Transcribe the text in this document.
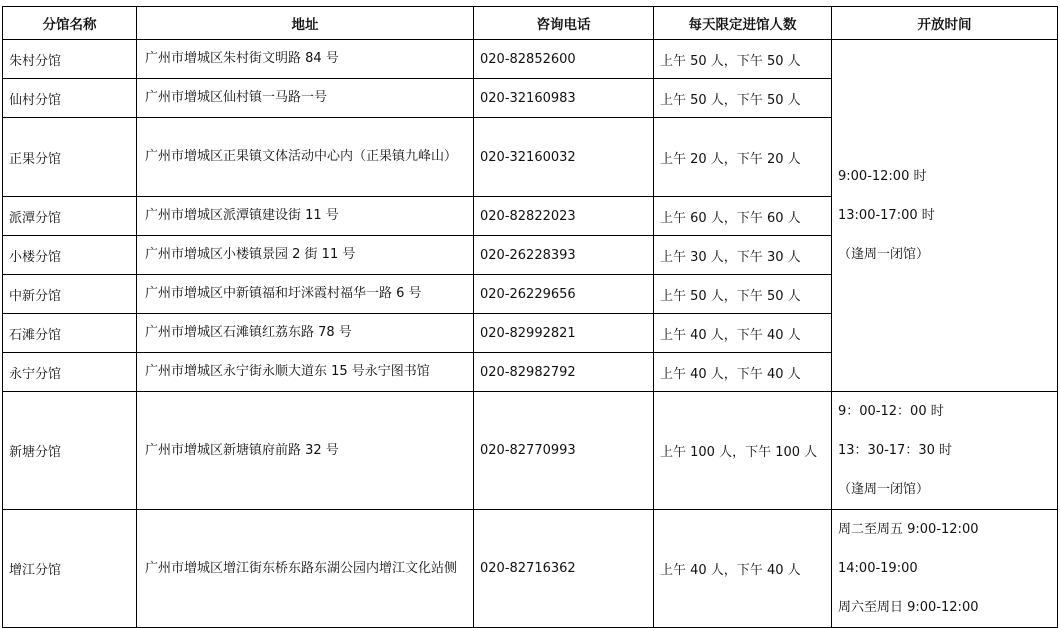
分馆名称	地址	咨询电话	每天限定进馆人数	开放时间
朱村分馆	广州市增城区朱村街文明路 84 号	020-82852600	上午 50 人，下午 50 人	9:00-12:00 时
13:00-17:00 时
（逢周一闭馆）

仙村分馆	广州市增城区仙村镇一马路一号	020-32160983	上午 50 人，下午 50 人	
正果分馆	广州市增城区正果镇文体活动中心内（正果镇九峰山）	020-32160032	上午 20 人，下午 20 人	
派潭分馆	广州市增城区派潭镇建设街 11 号	020-82822023	上午 60 人，下午 60 人	
小楼分馆	广州市增城区小楼镇景园 2 街 11 号	020-26228393	上午 30 人，下午 30 人	
中新分馆	广州市增城区中新镇福和圩洣霞村福华一路 6 号	020-26229656	上午 50 人，下午 50 人	
石滩分馆	广州市增城区石滩镇红荔东路 78 号	020-82992821	上午 40 人，下午 40 人	
永宁分馆	广州市增城区永宁街永顺大道东 15 号永宁图书馆	020-82982792	上午 40 人，下午 40 人	
新塘分馆	广州市增城区新塘镇府前路 32 号	020-82770993	上午 100 人，下午 100 人	9：00-12：00 时
13：30-17：30 时
（逢周一闭馆）

增江分馆	广州市增城区增江街东桥东路东湖公园内增江文化站侧	020-82716362	上午 40 人，下午 40 人	周二至周五 9:00-12:00
14:00-19:00
周六至周日 9:00-12:00
